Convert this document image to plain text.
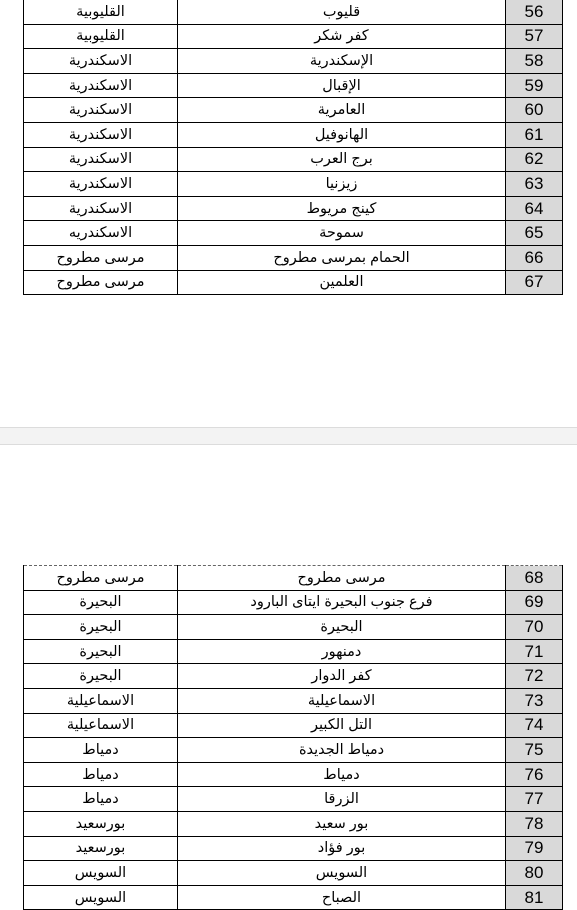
القليوبية	قليوب	56
القليوبية	كفر شكر	57
الاسكندرية	الإسكندرية	58
الاسكندرية	الإقبال	59
الاسكندرية	العامرية	60
الاسكندرية	الهانوفيل	61
الاسكندرية	برج العرب	62
الاسكندرية	زيزنيا	63
الاسكندرية	كينج مريوط	64
الاسكندريه	سموحة	65
مرسى مطروح	الحمام بمرسى مطروح	66
مرسى مطروح	العلمين	67
مرسى مطروح	مرسى مطروح	68
البحيرة	فرع جنوب البحيرة ايتاى البارود	69
البحيرة	البحيرة	70
البحيرة	دمنهور	71
البحيرة	كفر الدوار	72
الاسماعيلية	الاسماعيلية	73
الاسماعيلية	التل الكبير	74
دمياط	دمياط الجديدة	75
دمياط	دمياط	76
دمياط	الزرقا	77
بورسعيد	بور سعيد	78
بورسعيد	بور فؤاد	79
السويس	السويس	80
السويس	الصباح	81
